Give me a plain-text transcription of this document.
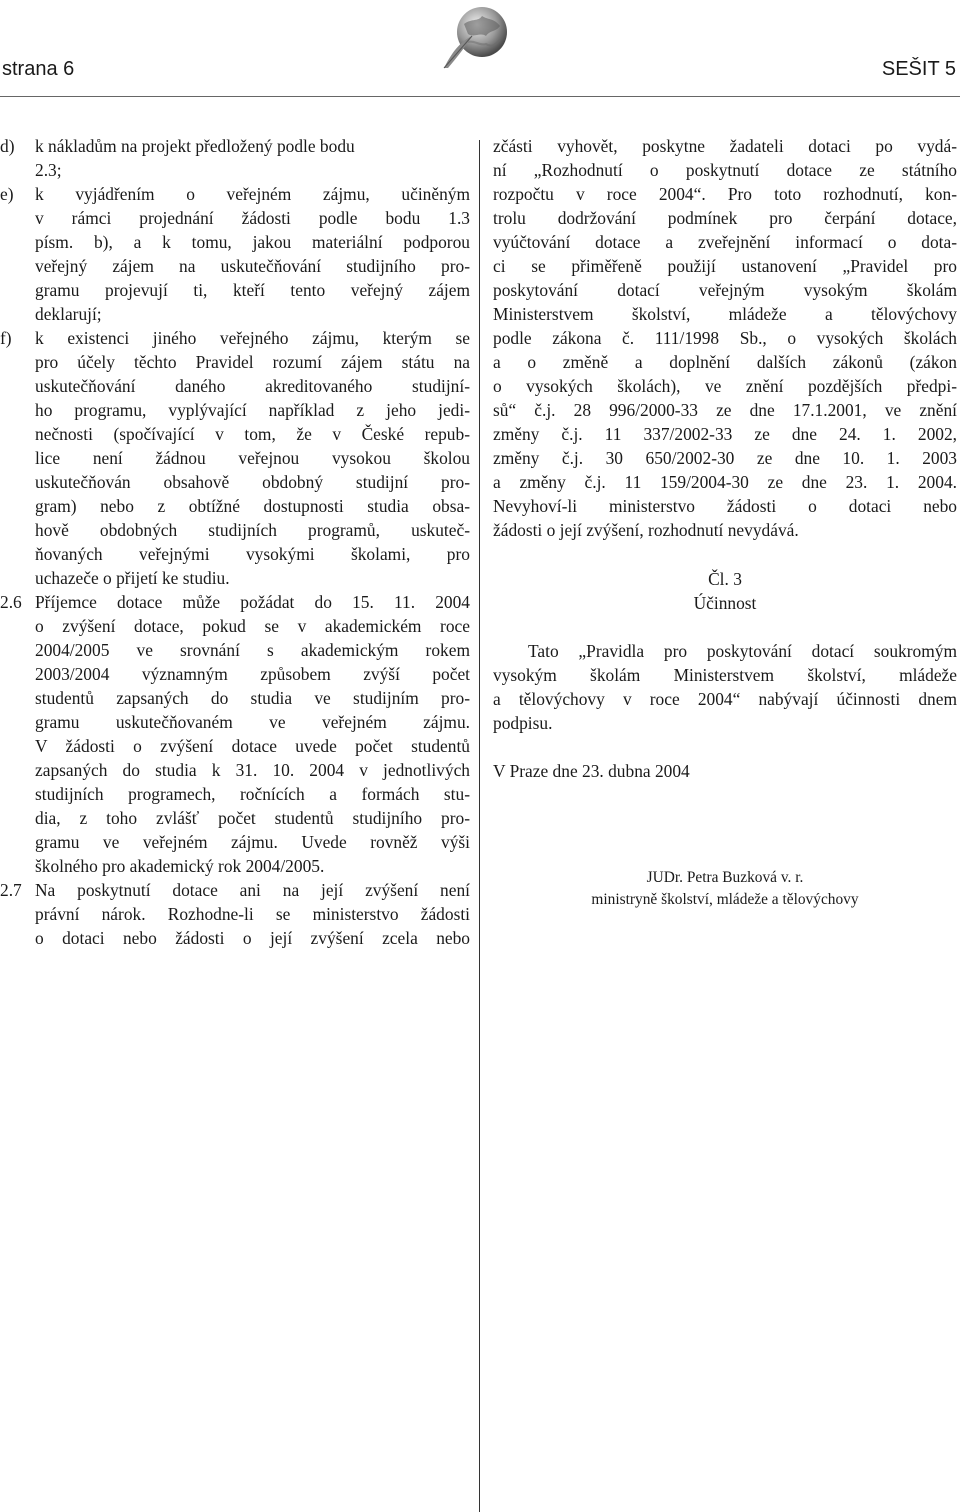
strana 6	SEŠIT 5
d)	k nákladům na projekt předložený podle bodu
2.3;
e)	k vyjádřením o veřejném zájmu, učiněným
v rámci projednání žádosti podle bodu 1.3
písm. b), a k tomu, jakou materiální podporou
veřejný zájem na uskutečňování studijního pro-
gramu projevují ti, kteří tento veřejný zájem
deklarují;
f)	k existenci jiného veřejného zájmu, kterým se
pro účely těchto Pravidel rozumí zájem státu na
uskutečňování daného akreditovaného studijní-
ho programu, vyplývající například z jeho jedi-
nečnosti (spočívající v tom, že v České repub-
lice není žádnou veřejnou vysokou školou
uskutečňován obsahově obdobný studijní pro-
gram) nebo z obtížné dostupnosti studia obsa-
hově obdobných studijních programů, uskuteč-
ňovaných veřejnými vysokými školami, pro
uchazeče o přijetí ke studiu.
2.6 Příjemce dotace může požádat do 15. 11. 2004
o zvýšení dotace, pokud se v akademickém roce
2004/2005 ve srovnání s akademickým rokem
2003/2004 významným způsobem zvýší počet
studentů zapsaných do studia ve studijním pro-
gramu uskutečňovaném ve veřejném zájmu.
V žádosti o zvýšení dotace uvede počet studentů
zapsaných do studia k 31. 10. 2004 v jednotlivých
studijních programech, ročnících a formách stu-
dia, z toho zvlášť počet studentů studijního pro-
gramu ve veřejném zájmu. Uvede rovněž výši
školného pro akademický rok 2004/2005.
2.7 Na poskytnutí dotace ani na její zvýšení není
právní nárok. Rozhodne-li se ministerstvo žádosti
o dotaci nebo žádosti o její zvýšení zcela nebo
zčásti vyhovět, poskytne žadateli dotaci po vydá-
ní „Rozhodnutí o poskytnutí dotace ze státního
rozpočtu v roce 2004“. Pro toto rozhodnutí, kon-
trolu dodržování podmínek pro čerpání dotace,
vyúčtování dotace a zveřejnění informací o dota-
ci se přiměřeně použijí ustanovení „Pravidel pro
poskytování dotací veřejným vysokým školám
Ministerstvem školství, mládeže a tělovýchovy
podle zákona č. 111/1998 Sb., o vysokých školách
a o změně a doplnění dalších zákonů (zákon
o vysokých školách), ve znění pozdějších předpi-
sů“ č.j. 28 996/2000-33 ze dne 17.1.2001, ve znění
změny č.j. 11 337/2002-33 ze dne 24. 1. 2002,
změny č.j. 30 650/2002-30 ze dne 10. 1. 2003
a změny č.j. 11 159/2004-30 ze dne 23. 1. 2004.
Nevyhoví-li ministerstvo žádosti o dotaci nebo
žádosti o její zvýšení, rozhodnutí nevydává.
Čl. 3
Účinnost
Tato „Pravidla pro poskytování dotací soukromým
vysokým školám Ministerstvem školství, mládeže
a tělovýchovy v roce 2004“ nabývají účinnosti dnem
podpisu.
V Praze dne 23. dubna 2004
JUDr. Petra Buzková v. r.
ministryně školství, mládeže a tělovýchovy
